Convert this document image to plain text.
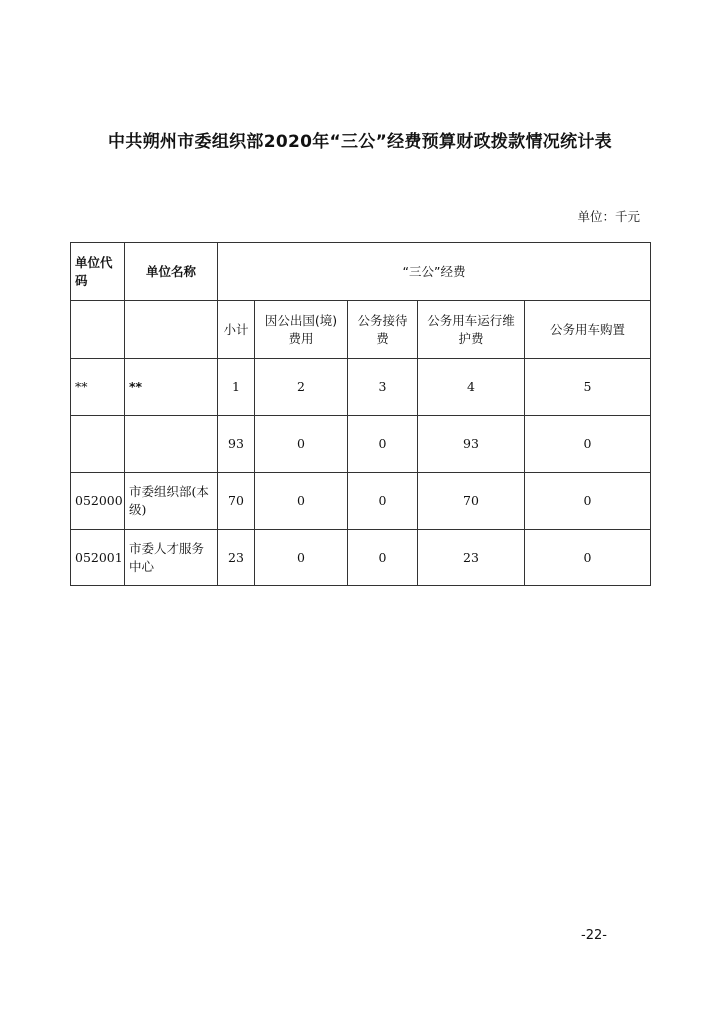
中共朔州市委组织部2020年“三公”经费预算财政拨款情况统计表
单位：千元
单位代码	单位名称	“三公”经费				
		小计	因公出国(境)费用	公务接待费	公务用车运行维护费	公务用车购置
**	**	1	2	3	4	5
		93	0	0	93	0
052000	市委组织部(本级)	70	0	0	70	0
052001	市委人才服务中心	23	0	0	23	0
-22-
